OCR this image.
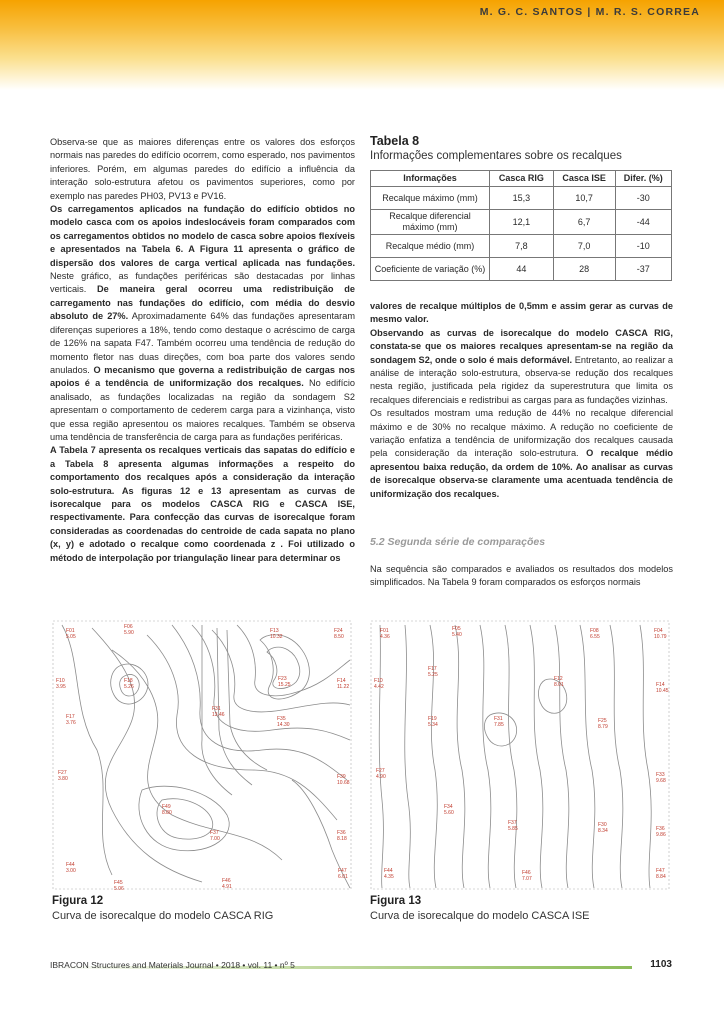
M. G. C. SANTOS | M. R. S. CORREA

Observa-se que as maiores diferenças entre os valores dos esforços normais nas paredes do edifício ocorrem, como esperado, nos pavimentos inferiores. Porém, em algumas paredes do edifício a influência da interação solo-estrutura afetou os pavimentos superiores, como por exemplo nas paredes PH03, PV13 e PV16.

Os carregamentos aplicados na fundação do edifício obtidos no modelo casca com os apoios indeslocáveis foram comparados com os carregamentos obtidos no modelo de casca sobre apoios flexíveis e apresentados na Tabela 6. A Figura 11 apresenta o gráfico de dispersão dos valores de carga vertical aplicada nas fundações. Neste gráfico, as fundações periféricas são destacadas por linhas verticais. De maneira geral ocorreu uma redistribuição de carregamento nas fundações do edifício, com média do desvio absoluto de 27%. Aproximadamente 64% das fundações apresentaram diferenças superiores a 18%, tendo como destaque o acréscimo de carga de 126% na sapata F47. Também ocorreu uma tendência de redução do momento fletor nas duas direções, com boa parte dos valores sendo anulados. O mecanismo que governa a redistribuição de cargas nos apoios é a tendência de uniformização dos recalques. No edifício analisado, as fundações localizadas na região da sondagem S2 apresentam o comportamento de cederem carga para a vizinhança, visto que essa região apresentou os maiores recalques. Também se observa uma tendência de transferência de carga para as fundações periféricas.

A Tabela 7 apresenta os recalques verticais das sapatas do edifício e a Tabela 8 apresenta algumas informações a respeito do comportamento dos recalques após a consideração da interação solo-estrutura. As figuras 12 e 13 apresentam as curvas de isorecalque para os modelos CASCA RIG e CASCA ISE, respectivamente. Para confecção das curvas de isorecalque foram consideradas as coordenadas do centroide de cada sapata no plano (x, y) e adotado o recalque como coordenada z . Foi utilizado o método de interpolação por triangulação linear para determinar os

Tabela 8
Informações complementares sobre os recalques
Informações	Casca RIG	Casca ISE	Difer. (%)
Recalque máximo (mm)	15,3	10,7	-30
Recalque diferencial máximo (mm)	12,1	6,7	-44
Recalque médio (mm)	7,8	7,0	-10
Coeficiente de variação (%)	44	28	-37

valores de recalque múltiplos de 0,5mm e assim gerar as curvas de mesmo valor.

Observando as curvas de isorecalque do modelo CASCA RIG, constata-se que os maiores recalques apresentam-se na região da sondagem S2, onde o solo é mais deformável. Entretanto, ao realizar a análise de interação solo-estrutura, observa-se redução dos recalques nesta região, justificada pela rigidez da superestrutura que limita os recalques diferenciais e redistribui as cargas para as fundações vizinhas.

Os resultados mostram uma redução de 44% no recalque diferencial máximo e de 30% no recalque máximo. A redução no coeficiente de variação enfatiza a tendência de uniformização dos recalques causada pela consideração da interação solo-estrutura. O recalque médio apresentou baixa redução, da ordem de 10%. Ao analisar as curvas de isorecalque observa-se claramente uma acentuada tendência de uniformização dos recalques.

5.2 Segunda série de comparações

Na sequência são comparados e avaliados os resultados dos modelos simplificados. Na Tabela 9 foram comparados os esforços normais

F01
5.05
F06
5.90	F13
10.32
F24
8.50
F10
3.95
F18
5.26
F23
15.25
F14
11.22
F17
3.76
F31
13.46
F35
14.30
F27
3.80	F39
10.68
F49
8.80
F37
7.00
F36
8.18
F44
3.00
F45
5.06
F46
4.91
F47
6.01
F01
4.36
F05
5.40
F08
6.55
F04
10.79
F10
4.42
F17
5.25
F12
8.01	F14
10.45
F19
5.34
F31
7.85
F25
8.79
F27
4.90	F33
9.68
F34
5.60
F37
5.85
F30
8.34	F36
9.86
F44
4.35
F46
7.07
F47
8.84
Figura 12
Curva de isorecalque do modelo CASCA RIG
Figura 13
Curva de isorecalque do modelo CASCA ISE
IBRACON Structures and Materials Journal • 2018 • vol. 11 • nº 5	1103
